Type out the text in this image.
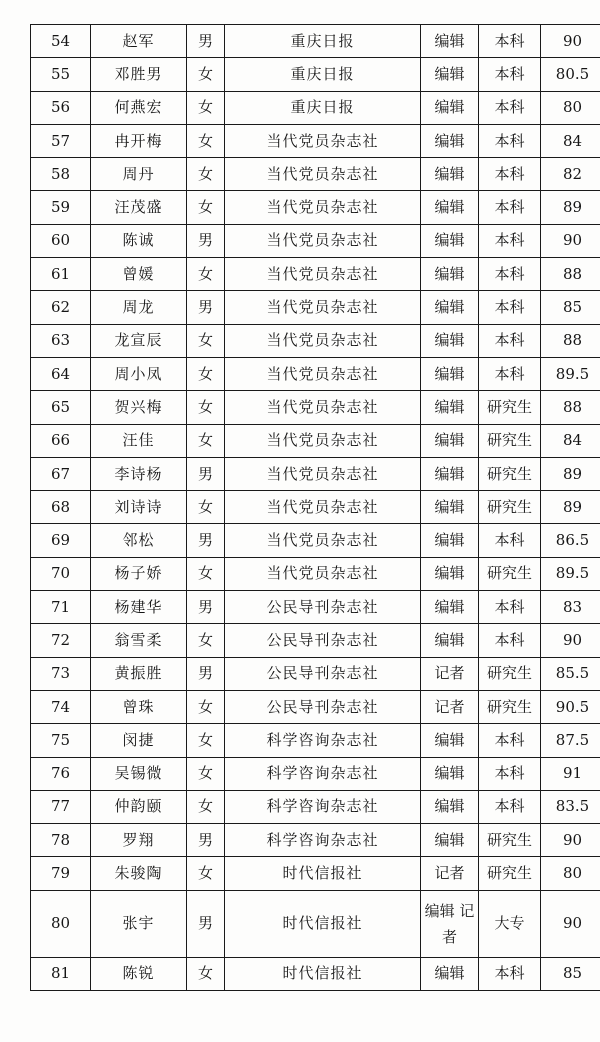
54	赵军	男	重庆日报	编辑	本科	90
55	邓胜男	女	重庆日报	编辑	本科	80.5
56	何燕宏	女	重庆日报	编辑	本科	80
57	冉开梅	女	当代党员杂志社	编辑	本科	84
58	周丹	女	当代党员杂志社	编辑	本科	82
59	汪茂盛	女	当代党员杂志社	编辑	本科	89
60	陈诚	男	当代党员杂志社	编辑	本科	90
61	曾媛	女	当代党员杂志社	编辑	本科	88
62	周龙	男	当代党员杂志社	编辑	本科	85
63	龙宣辰	女	当代党员杂志社	编辑	本科	88
64	周小凤	女	当代党员杂志社	编辑	本科	89.5
65	贺兴梅	女	当代党员杂志社	编辑	研究生	88
66	汪佳	女	当代党员杂志社	编辑	研究生	84
67	李诗杨	男	当代党员杂志社	编辑	研究生	89
68	刘诗诗	女	当代党员杂志社	编辑	研究生	89
69	邻松	男	当代党员杂志社	编辑	本科	86.5
70	杨子娇	女	当代党员杂志社	编辑	研究生	89.5
71	杨建华	男	公民导刊杂志社	编辑	本科	83
72	翁雪柔	女	公民导刊杂志社	编辑	本科	90
73	黄振胜	男	公民导刊杂志社	记者	研究生	85.5
74	曾珠	女	公民导刊杂志社	记者	研究生	90.5
75	闵捷	女	科学咨询杂志社	编辑	本科	87.5
76	吴锡微	女	科学咨询杂志社	编辑	本科	91
77	仲韵颐	女	科学咨询杂志社	编辑	本科	83.5
78	罗翔	男	科学咨询杂志社	编辑	研究生	90
79	朱骏陶	女	时代信报社	记者	研究生	80
80	张宇	男	时代信报社	编辑 记者	大专	90
81	陈锐	女	时代信报社	编辑	本科	85
